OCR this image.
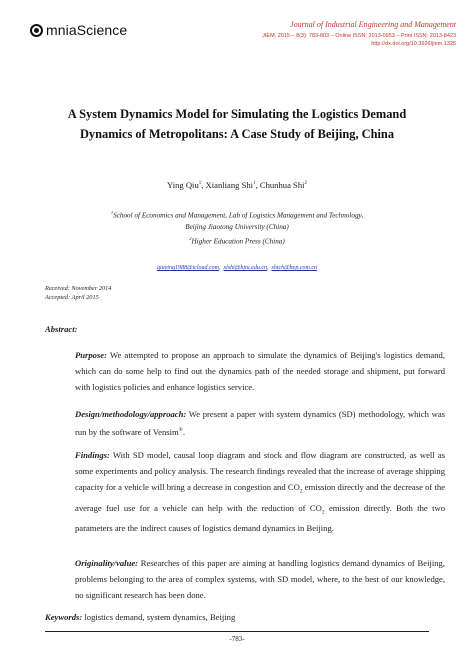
mniaScience	Journal of Industrial Engineering and Management
JIEM, 2015 – 8(3): 783-803 – Online ISSN: 2013-0953 – Print ISSN: 2013-8423
http://dx.doi.org/10.3926/jiem.1325
A System Dynamics Model for Simulating the Logistics Demand
Dynamics of Metropolitans: A Case Study of Beijing, China
Ying Qiu$^1$, Xianliang Shi$^1$, Chunhua Shi$^2$
$^1$School of Economics and Management, Lab of Logistics Management and Technology,
Beijing Jiaotong University (China)
$^2$Higher Education Press (China)
qiuying1988@icloud.com,  xlshi@bjtu.edu.cn,  shich@hep.com.cn
Received: November 2014
Accepted: April 2015
Abstract:
Purpose: We attempted to propose an approach to simulate the dynamics of Beijing's logistics demand, which can do some help to find out the dynamics path of the needed storage and shipment, put forward with logistics policies and enhance logistics service.
Design/methodology/approach: We present a paper with system dynamics (SD) methodology, which was run by the software of Vensim®.
Findings: With SD model, causal loop diagram and stock and flow diagram are constructed, as well as some experiments and policy analysis. The research findings revealed that the increase of average shipping capacity for a vehicle will bring a decrease in congestion and $CO_2$ emission directly and the decrease of the average fuel use for a vehicle can help with the reduction of $CO_2$ emission directly. Both the two parameters are the indirect causes of logistics demand dynamics in Beijing.
Originality/value: Researches of this paper are aiming at handling logistics demand dynamics of Beijing, problems belonging to the area of complex systems, with SD model, where, to the best of our knowledge, no significant research has been done.
Keywords: logistics demand, system dynamics, Beijing
-783-
